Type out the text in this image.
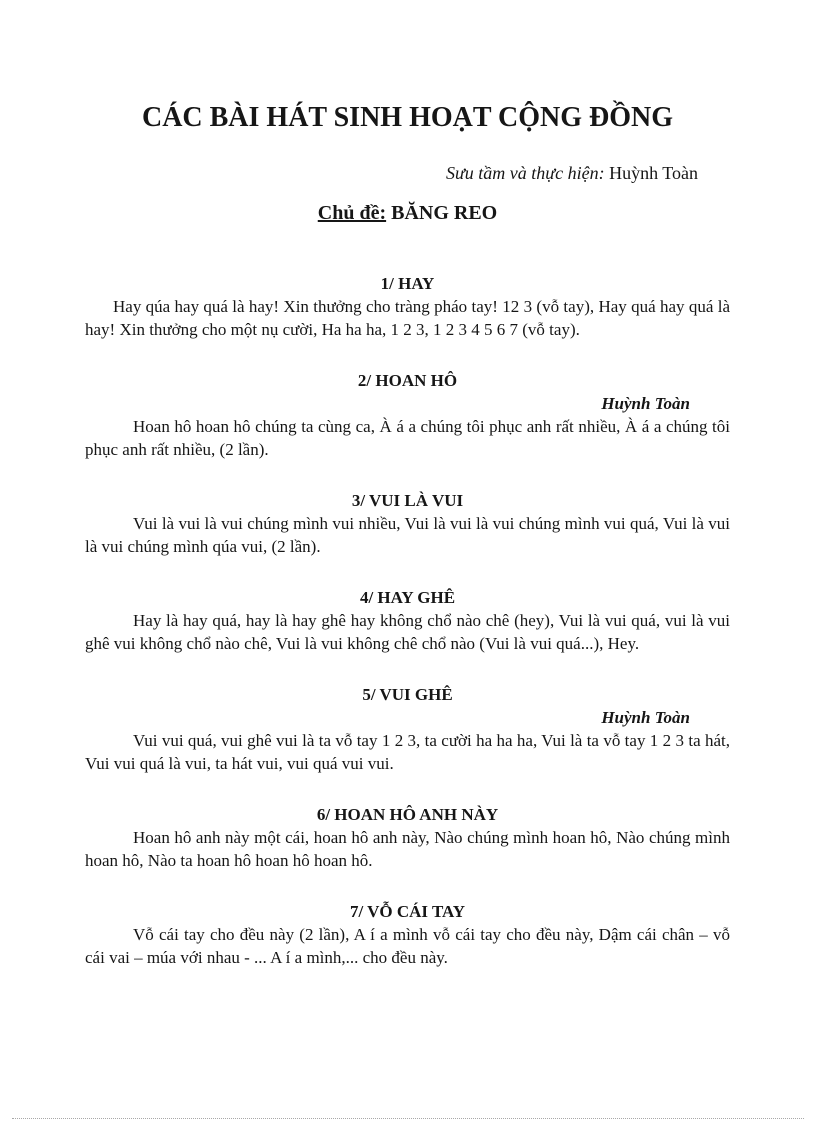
CÁC BÀI HÁT SINH HOẠT CỘNG ĐỒNG

Sưu tầm và thực hiện: Huỳnh Toàn

Chủ đề: BĂNG REO

1/ HAY

Hay qúa hay quá là hay! Xin thưởng cho tràng pháo tay! 12 3 (vỗ tay), Hay quá hay quá là hay! Xin thưởng cho một nụ cười, Ha ha ha, 1 2 3, 1 2 3 4 5 6 7 (vỗ tay).

2/ HOAN HÔ

Huỳnh Toàn

Hoan hô hoan hô chúng ta cùng ca, À á a chúng tôi phục anh rất nhiều, À á a chúng tôi phục anh rất nhiều, (2 lần).

3/ VUI LÀ VUI

Vui là vui là vui chúng mình vui nhiều, Vui là vui là vui chúng mình vui quá, Vui là vui là vui chúng mình qúa vui, (2 lần).

4/ HAY GHÊ

Hay là hay quá, hay là hay ghê hay không chổ nào chê (hey), Vui là vui quá, vui là vui ghê vui không chổ nào chê, Vui là vui không chê chổ nào (Vui là vui quá...), Hey.

5/ VUI GHÊ

Huỳnh Toàn

Vui vui quá, vui ghê vui là ta vỗ tay 1 2 3, ta cười ha ha ha, Vui là ta vỗ tay 1 2 3 ta hát, Vui vui quá là vui, ta hát vui, vui quá vui vui.

6/ HOAN HÔ ANH NÀY

Hoan hô anh này một cái, hoan hô anh này, Nào chúng mình hoan hô, Nào chúng mình hoan hô, Nào ta hoan hô hoan hô hoan hô.

7/ VỖ CÁI TAY

Vỗ cái tay cho đều này (2 lần), A í a mình vỗ cái tay cho đều này, Dậm cái chân – vỗ cái vai – múa với nhau - ... A í a mình,... cho đều này.
